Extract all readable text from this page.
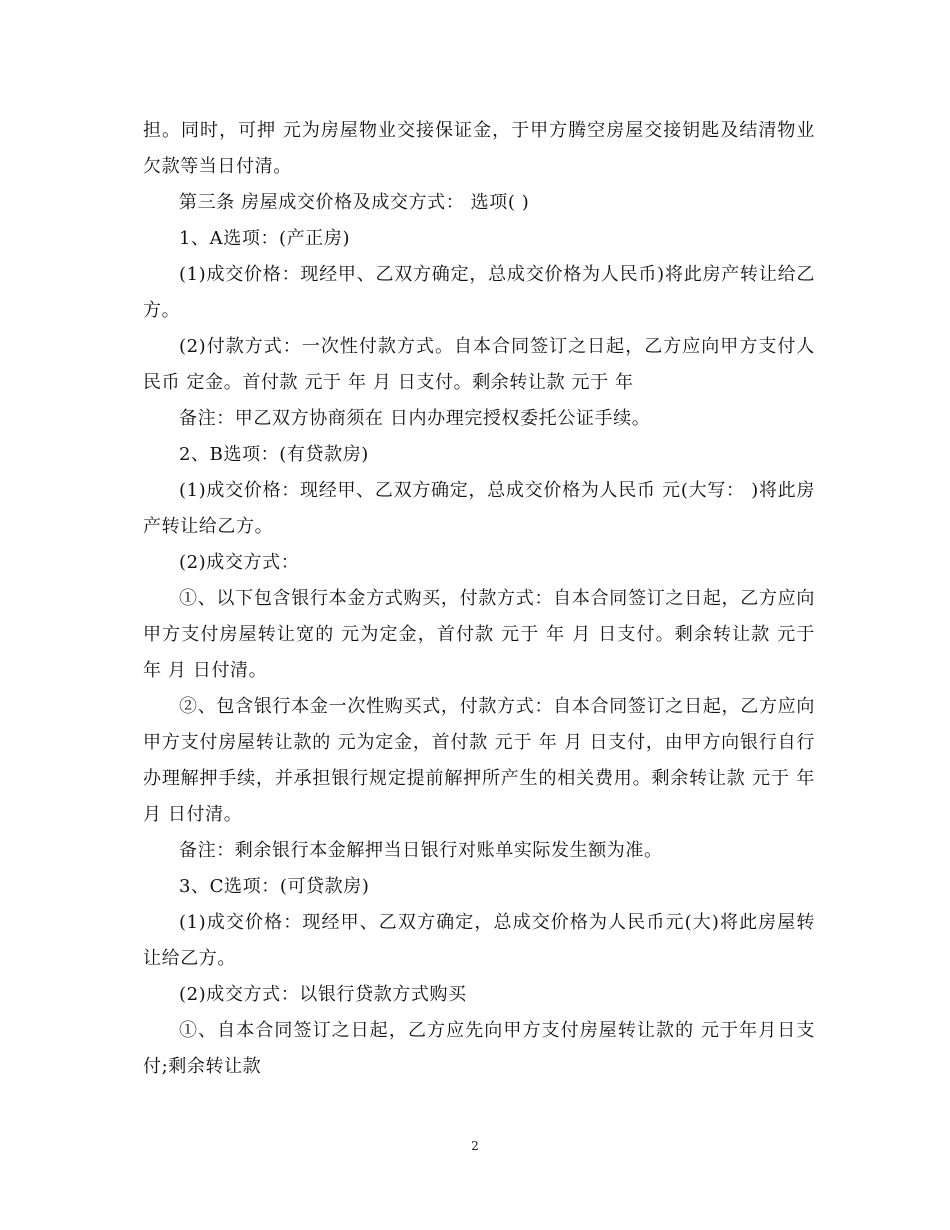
担。同时，可押 元为房屋物业交接保证金，于甲方腾空房屋交接钥匙及结清物业欠款等当日付清。

第三条 房屋成交价格及成交方式： 选项( )

1、A选项：(产正房)

(1)成交价格：现经甲、乙双方确定，总成交价格为人民币)将此房产转让给乙方。

(2)付款方式：一次性付款方式。自本合同签订之日起，乙方应向甲方支付人民币 定金。首付款 元于 年 月 日支付。剩余转让款 元于 年

备注：甲乙双方协商须在 日内办理完授权委托公证手续。

2、B选项：(有贷款房)

(1)成交价格：现经甲、乙双方确定，总成交价格为人民币 元(大写： )将此房产转让给乙方。

(2)成交方式：

①、以下包含银行本金方式购买，付款方式：自本合同签订之日起，乙方应向甲方支付房屋转让宽的 元为定金，首付款 元于 年 月 日支付。剩余转让款 元于 年 月 日付清。

②、包含银行本金一次性购买式，付款方式：自本合同签订之日起，乙方应向甲方支付房屋转让款的 元为定金，首付款 元于 年 月 日支付，由甲方向银行自行办理解押手续，并承担银行规定提前解押所产生的相关费用。剩余转让款 元于 年 月 日付清。

备注：剩余银行本金解押当日银行对账单实际发生额为准。

3、C选项：(可贷款房)

(1)成交价格：现经甲、乙双方确定，总成交价格为人民币元(大)将此房屋转让给乙方。

(2)成交方式：以银行贷款方式购买

①、自本合同签订之日起，乙方应先向甲方支付房屋转让款的 元于年月日支付;剩余转让款

2
